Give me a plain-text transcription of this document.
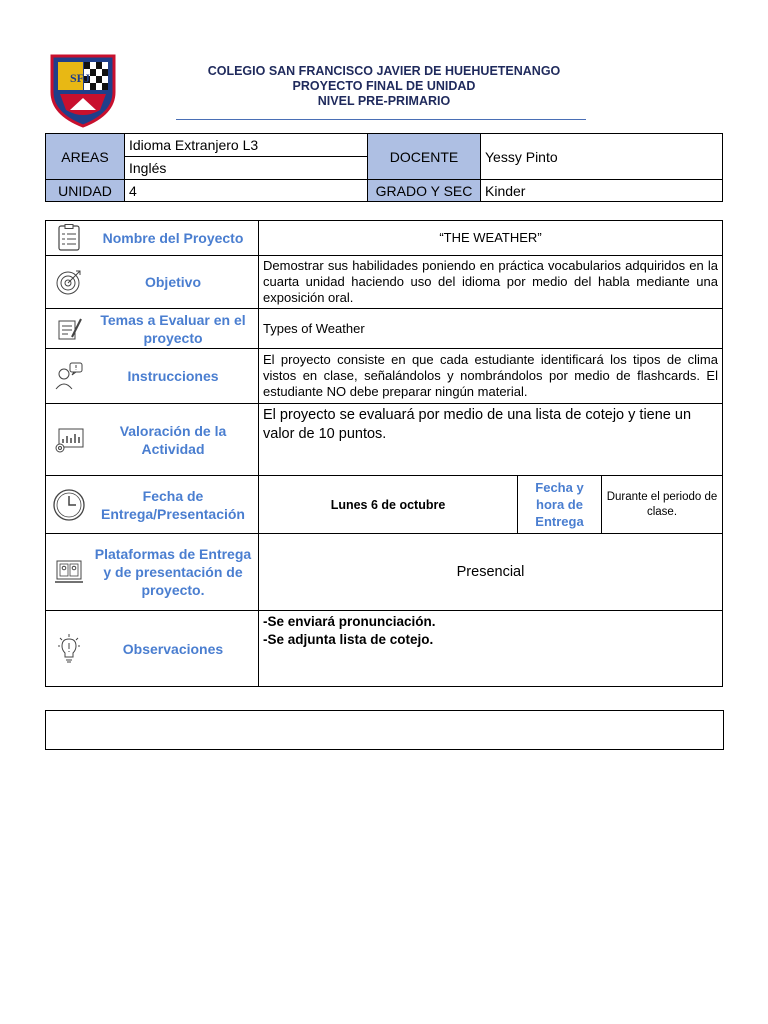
SFJ	COLEGIO SAN FRANCISCO JAVIER DE HUEHUETENANGO
PROYECTO FINAL DE UNIDAD
NIVEL PRE-PRIMARIO
AREAS	Idioma Extranjero L3	DOCENTE	Yessy Pinto
	Inglés		
UNIDAD	4	GRADO Y SEC	Kinder
Nombre del Proyecto	“THE WEATHER”		

Objetivo	Demostrar sus habilidades poniendo en práctica vocabularios adquiridos en la cuarta unidad haciendo uso del idioma por medio del habla mediante una exposición oral.		

Temas a Evaluar en el proyecto	Types of Weather		

Instrucciones	El proyecto consiste en que cada estudiante identificará los tipos de clima vistos en clase, señalándolos y nombrándolos por medio de flashcards. El estudiante NO debe preparar ningún material.		

Valoración de la Actividad	El proyecto se evaluará por medio de una lista de cotejo y tiene un valor de 10 puntos.		

Fecha de Entrega/Presentación	Lunes 6 de octubre	Fecha y hora de Entrega	Durante el periodo de clase.

Plataformas de Entrega y de presentación de proyecto.	Presencial		

Observaciones	-Se enviará pronunciación.
-Se adjunta lista de cotejo.		
